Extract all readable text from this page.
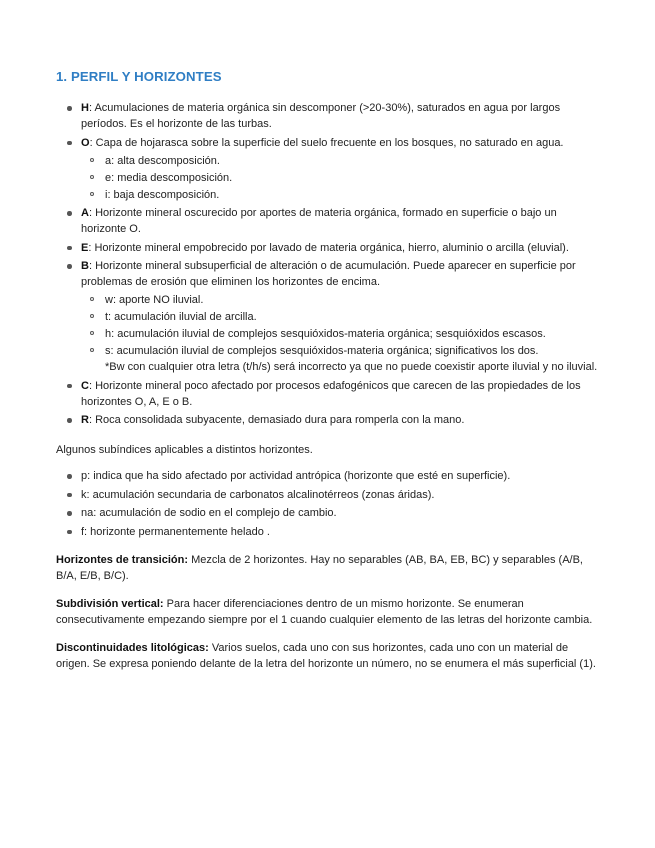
1. PERFIL Y HORIZONTES
H: Acumulaciones de materia orgánica sin descomponer (>20-30%), saturados en agua por largos períodos. Es el horizonte de las turbas.
O: Capa de hojarasca sobre la superficie del suelo frecuente en los bosques, no saturado en agua.
a: alta descomposición.
e: media descomposición.
i: baja descomposición.
A: Horizonte mineral oscurecido por aportes de materia orgánica, formado en superficie o bajo un horizonte O.
E: Horizonte mineral empobrecido por lavado de materia orgánica, hierro, aluminio o arcilla (eluvial).
B: Horizonte mineral subsuperficial de alteración o de acumulación. Puede aparecer en superficie por problemas de erosión que eliminen los horizontes de encima.
w: aporte NO iluvial.
t: acumulación iluvial de arcilla.
h: acumulación iluvial de complejos sesquióxidos-materia orgánica; sesquióxidos escasos.
s: acumulación iluvial de complejos sesquióxidos-materia orgánica; significativos los dos.
*Bw con cualquier otra letra (t/h/s) será incorrecto ya que no puede coexistir aporte iluvial y no iluvial.
C: Horizonte mineral poco afectado por procesos edafogénicos que carecen de las propiedades de los horizontes O, A, E o B.
R: Roca consolidada subyacente, demasiado dura para romperla con la mano.

Algunos subíndices aplicables a distintos horizontes.

p: indica que ha sido afectado por actividad antrópica (horizonte que esté en superficie).
k: acumulación secundaria de carbonatos alcalinotérreos (zonas áridas).
na: acumulación de sodio en el complejo de cambio.
f: horizonte permanentemente helado .

Horizontes de transición: Mezcla de 2 horizontes. Hay no separables (AB, BA, EB, BC) y separables (A/B, B/A, E/B, B/C).

Subdivisión vertical: Para hacer diferenciaciones dentro de un mismo horizonte. Se enumeran consecutivamente empezando siempre por el 1 cuando cualquier elemento de las letras del horizonte cambia.

Discontinuidades litológicas: Varios suelos, cada uno con sus horizontes, cada uno con un material de origen. Se expresa poniendo delante de la letra del horizonte un número, no se enumera el más superficial (1).
